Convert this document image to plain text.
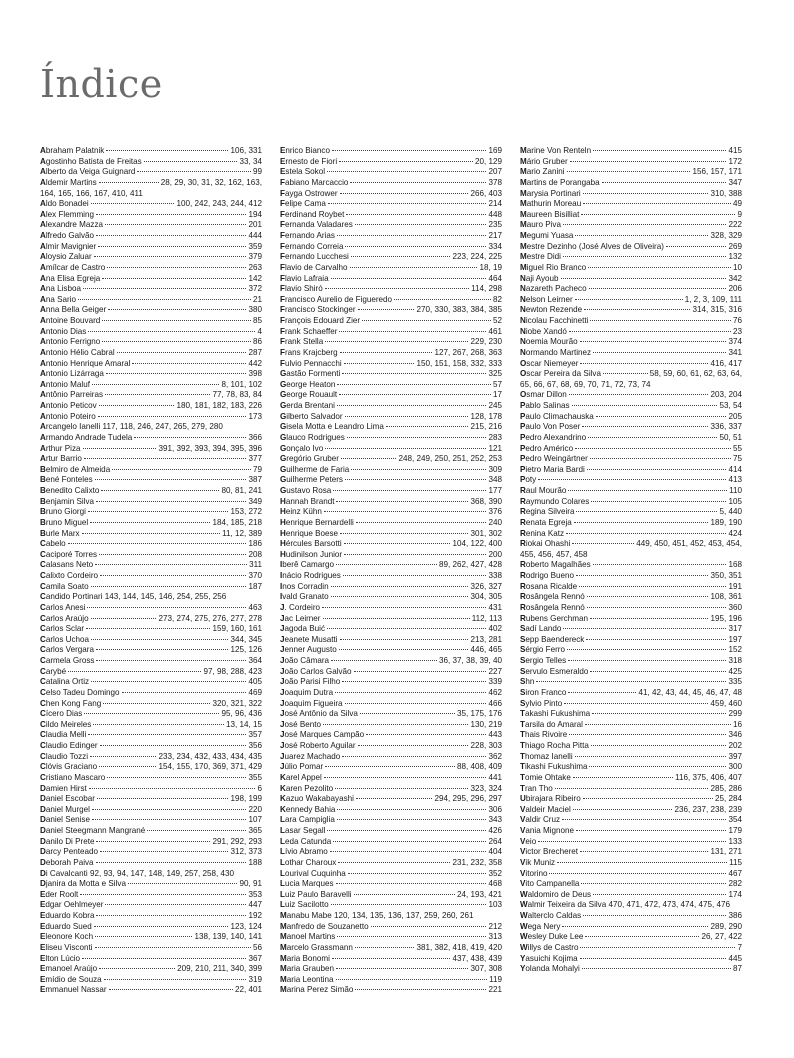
Índice
Abraham Palatnik	106, 331
Agostinho Batista de Freitas	33, 34
Alberto da Veiga Guignard	99
Aldemir Martins	28, 29, 30, 31, 32, 162, 163,
164, 165, 166, 167, 410, 411
Aldo Bonadei	100, 242, 243, 244, 412
Alex Flemming	194
Alexandre Mazza	201
Alfredo Galvão	444
Almir Mavignier	359
Aloysio Zaluar	379
Amílcar de Castro	263
Ana Elisa Egreja	142
Ana Lisboa	372
Ana Sario	21
Anna Bella Geiger	380
Antoine Bouvard	85
Antonio Dias	4
Antonio Ferrigno	86
Antonio Hélio Cabral	287
Antonio Henrique Amaral	442
Antonio Lizárraga	398
Antonio Maluf	8, 101, 102
Antônio Parreiras	77, 78, 83, 84
Antonio Peticov	180, 181, 182, 183, 226
Antonio Poteiro	173
Arcangelo Ianelli 117, 118, 246, 247, 265, 279, 280
Armando Andrade Tudela	366
Arthur Piza	391, 392, 393, 394, 395, 396
Artur Barrio	377
Belmiro de Almeida	79
Bené Fonteles	387
Benedito Calixto	80, 81, 241
Benjamin Silva	349
Bruno Giorgi	153, 272
Bruno Miguel	184, 185, 218
Burle Marx	11, 12, 389
Cabelo	186
Caciporé Torres	208
Calasans Neto	311
Calixto Cordeiro	370
Camila Soato	187
Candido Portinari 143, 144, 145, 146, 254, 255, 256
Carlos Anesi	463
Carlos Araújo	273, 274, 275, 276, 277, 278
Carlos Sclar	159, 160, 161
Carlos Uchoa	344, 345
Carlos Vergara	125, 126
Carmela Gross	364
Carybé	97, 98, 288, 423
Catalina Ortiz	405
Celso Tadeu Domingo	469
Chen Kong Fang	320, 321, 322
Cícero Dias	95, 96, 436
Cildo Meireles	13, 14, 15
Claudia Melli	357
Claudio Edinger	356
Claudio Tozzi	233, 234, 432, 433, 434, 435
Clóvis Graciano	154, 155, 170, 369, 371, 429
Cristiano Mascaro	355
Damien Hirst	6
Daniel Escobar	198, 199
Daniel Murgel	220
Daniel Senise	107
Daniel Steegmann Mangrané	365
Danilo Di Prete	291, 292, 293
Darcy Penteado	312, 373
Deborah Paiva	188
Di Cavalcanti 92, 93, 94, 147, 148, 149, 257, 258, 430
Djanira da Motta e Silva	90, 91
Eder Roolt	353
Edgar Oehlmeyer	447
Eduardo Kobra	192
Eduardo Sued	123, 124
Eleonore Koch	138, 139, 140, 141
Eliseu Visconti	56
Elton Lúcio	367
Emanoel Araújo	209, 210, 211, 340, 399
Emídio de Souza	319
Emmanuel Nassar	22, 401
Enrico Bianco	169
Ernesto de Fiori	20, 129
Estela Sokol	207
Fabiano Marcaccio	378
Fayga Ostrower	266, 403
Felipe Cama	214
Ferdinand Roybet	448
Fernanda Valadares	235
Fernando Arias	217
Fernando Correia	334
Fernando Lucchesi	223, 224, 225
Flavio de Carvalho	18, 19
Flavio Lafraia	464
Flavio Shiró	114, 298
Francisco Aurelio de Figueredo	82
Francisco Stockinger	270, 330, 383, 384, 385
François Edouard Zier	52
Frank Schaeffer	461
Frank Stella	229, 230
Frans Krajcberg	127, 267, 268, 363
Fulvio Pennacchi	150, 151, 158, 332, 333
Gastão Formenti	325
George Heaton	57
George Rouault	17
Gerda Brentani	245
Gilberto Salvador	128, 178
Gisela Motta e Leandro Lima	215, 216
Glauco Rodrigues	283
Gonçalo Ivo	121
Gregório Gruber	248, 249, 250, 251, 252, 253
Guilherme de Faria	309
Guilherme Peters	348
Gustavo Rosa	177
Hannah Brandt	368, 390
Heinz Kühn	376
Henrique Bernardelli	240
Henrique Boese	301, 302
Hércules Barsotti	104, 122, 400
Hudinilson Junior	200
Iberê Camargo	89, 262, 427, 428
Inácio Rodrigues	338
Inos Corradin	326, 327
Ivald Granato	304, 305
J. Cordeiro	431
Jac Leirner	112, 113
Jagoda Buić	402
Jeanete Musatti	213, 281
Jenner Augusto	446, 465
João Câmara	36, 37, 38, 39, 40
João Carlos Galvão	227
João Parisi Filho	339
Joaquim Dutra	462
Joaquim Figueira	466
José Antônio da Silva	35, 175, 176
José Bento	130, 219
José Marques Campão	443
José Roberto Aguilar	228, 303
Juarez Machado	362
Júlio Pomar	88, 408, 409
Karel Appel	441
Karen Pezolito	323, 324
Kazuo Wakabayashi	294, 295, 296, 297
Kennedy Bahia	306
Lara Campiglia	343
Lasar Segall	426
Leda Catunda	264
Lívio Abramo	404
Lothar Charoux	231, 232, 358
Lourival Cuquinha	352
Lucia Marques	468
Luiz Paulo Baravelli	24, 193, 421
Luiz Sacilotto	103
Manabu Mabe 120, 134, 135, 136, 137, 259, 260, 261
Manfredo de Souzanetto	212
Manoel Martins	313
Marcelo Grassmann	381, 382, 418, 419, 420
Maria Bonomi	437, 438, 439
Maria Grauben	307, 308
Maria Leontina	119
Marina Perez Simão	221
Marine Von Renteln	415
Mário Gruber	172
Mario Zanini	156, 157, 171
Martins de Porangaba	347
Marysia Portinari	310, 388
Mathurin Moreau	49
Maureen Bisilliat	9
Mauro Piva	222
Megumi Yuasa	328, 329
Mestre Dezinho (José Alves de Oliveira)	269
Mestre Didi	132
Miguel Rio Branco	10
Naji Ayoub	342
Nazareth Pacheco	206
Nelson Leirner	1, 2, 3, 109, 111
Newton Rezende	314, 315, 316
Nicolau Facchinetti	76
Niobe Xandó	23
Noemia Mourão	374
Normando Martinez	341
Oscar Niemeyer	416, 417
Oscar Pereira da Silva	58, 59, 60, 61, 62, 63, 64,
65, 66, 67, 68, 69, 70, 71, 72, 73, 74
Osmar Dillon	203, 204
Pablo Salinas	53, 54
Paulo Climachauska	205
Paulo Von Poser	336, 337
Pedro Alexandrino	50, 51
Pedro Américo	55
Pedro Weingärtner	75
Pietro Maria Bardi	414
Poty	413
Raul Mourão	110
Raymundo Colares	105
Regina Silveira	5, 440
Renata Egreja	189, 190
Renina Katz	424
Riokai Ohashi	449, 450, 451, 452, 453, 454,
455, 456, 457, 458
Roberto Magalhães	168
Rodrigo Bueno	350, 351
Rosana Ricalde	191
Rosângela Rennó	108, 361
Rosângela Rennó	360
Rubens Gerchman	195, 196
Sadí Lando	317
Sepp Baendereck	197
Sérgio Ferro	152
Sergio Telles	318
Servulo Esmeraldo	425
Shn	335
Siron Franco	41, 42, 43, 44, 45, 46, 47, 48
Sylvio Pinto	459, 460
Takashi Fukushima	299
Tarsila do Amaral	16
Thais Rivoire	346
Thiago Rocha Pitta	202
Thomaz Ianelli	397
Tikashi Fukushima	300
Tomie Ohtake	116, 375, 406, 407
Tran Tho	285, 286
Ubirajara Ribeiro	25, 284
Valdeir Maciel	236, 237, 238, 239
Valdir Cruz	354
Vania Mignone	179
Veio	133
Victor Brecheret	131, 271
Vik Muniz	115
Vitorino	467
Vito Campanella	282
Waldomiro de Deus	174
Walmir Teixeira da Silva 470, 471, 472, 473, 474, 475, 476
Walterclo Caldas	386
Wega Nery	289, 290
Wesley Duke Lee	26, 27, 422
Willys de Castro	7
Yasuichi Kojima	445
Yolanda Mohalyi	87
